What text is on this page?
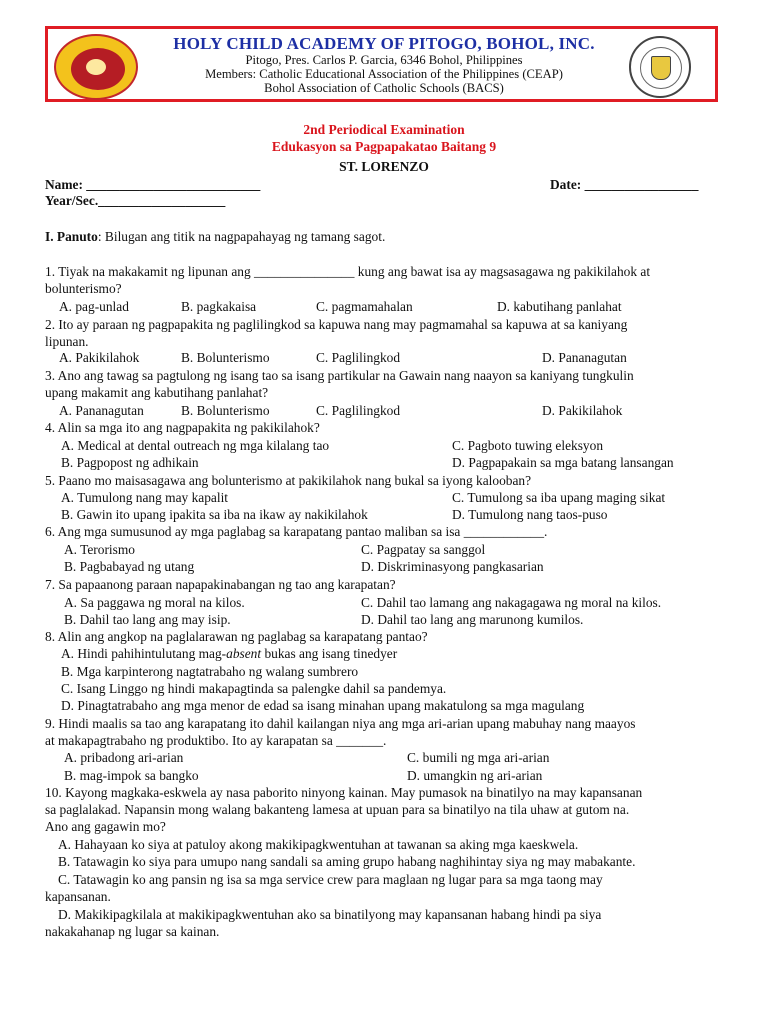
HOLY CHILD ACADEMY OF PITOGO, BOHOL, INC.
Pitogo, Pres. Carlos P. Garcia, 6346 Bohol, Philippines
Members: Catholic Educational Association of the Philippines (CEAP)
Bohol Association of Catholic Schools (BACS)
2nd Periodical Examination
Edukasyon sa Pagpapakatao Baitang 9
ST. LORENZO
Name: __________________________	Date: _________________
Year/Sec.___________________
I. Panuto: Bilugan ang titik na nagpapahayag ng tamang sagot.
1. Tiyak na makakamit ng lipunan ang _______________ kung ang bawat isa ay magsasagawa ng pakikilahok at
bolunterismo?
A. pag-unlad	B. pagkakaisa	C. pagmamahalan	D. kabutihang panlahat
2. Ito ay paraan ng pagpapakita ng paglilingkod sa kapuwa nang may pagmamahal sa kapuwa at sa kaniyang
lipunan.
A. Pakikilahok	B. Bolunterismo	C. Paglilingkod	D. Pananagutan
3. Ano ang tawag sa pagtulong ng isang tao sa isang partikular na Gawain nang naayon sa kaniyang tungkulin
upang makamit ang kabutihang panlahat?
A. Pananagutan	B. Bolunterismo	C. Paglilingkod	D. Pakikilahok
4. Alin sa mga ito ang nagpapakita ng pakikilahok?
A. Medical at dental outreach ng mga kilalang tao	C. Pagboto tuwing eleksyon
B. Pagpopost ng adhikain	D. Pagpapakain sa mga batang lansangan
5. Paano mo maisasagawa ang bolunterismo at pakikilahok nang bukal sa iyong kalooban?
A. Tumulong nang may kapalit	C. Tumulong sa iba upang maging sikat
B. Gawin ito upang ipakita sa iba na ikaw ay nakikilahok	D. Tumulong nang taos-puso
6. Ang mga sumusunod ay mga paglabag sa karapatang pantao maliban sa isa ____________.
A. Terorismo	C. Pagpatay sa sanggol
B. Pagbabayad ng utang	D. Diskriminasyong pangkasarian
7. Sa papaanong paraan napapakinabangan ng tao ang karapatan?
A. Sa paggawa ng moral na kilos.	C. Dahil tao lamang ang nakagagawa ng moral na kilos.
B. Dahil tao lang ang may isip.	D. Dahil tao lang ang marunong kumilos.
8. Alin ang angkop na paglalarawan ng paglabag sa karapatang pantao?
A. Hindi pahihintulutang mag-absent bukas ang isang tinedyer
B. Mga karpinterong nagtatrabaho ng walang sumbrero
C. Isang Linggo ng hindi makapagtinda sa palengke dahil sa pandemya.
D. Pinagtatrabaho ang mga menor de edad sa isang minahan upang makatulong sa mga magulang
9. Hindi maalis sa tao ang karapatang ito dahil kailangan niya ang mga ari-arian upang mabuhay nang maayos
at makapagtrabaho ng produktibo. Ito ay karapatan sa _______.
A. pribadong ari-arian	C. bumili ng mga ari-arian
B. mag-impok sa bangko	D. umangkin ng ari-arian
10. Kayong magkaka-eskwela ay nasa paborito ninyong kainan. May pumasok na binatilyo na may kapansanan
sa paglalakad. Napansin mong walang bakanteng lamesa at upuan para sa binatilyo na tila uhaw at gutom na.
Ano ang gagawin mo?
A. Hahayaan ko siya at patuloy akong makikipagkwentuhan at tawanan sa aking mga kaeskwela.
B. Tatawagin ko siya para umupo nang sandali sa aming grupo habang naghihintay siya ng may mabakante.
C. Tatawagin ko ang pansin ng isa sa mga service crew para maglaan ng lugar para sa mga taong may
kapansanan.
D. Makikipagkilala at makikipagkwentuhan ako sa binatilyong may kapansanan habang hindi pa siya
nakakahanap ng lugar sa kainan.
